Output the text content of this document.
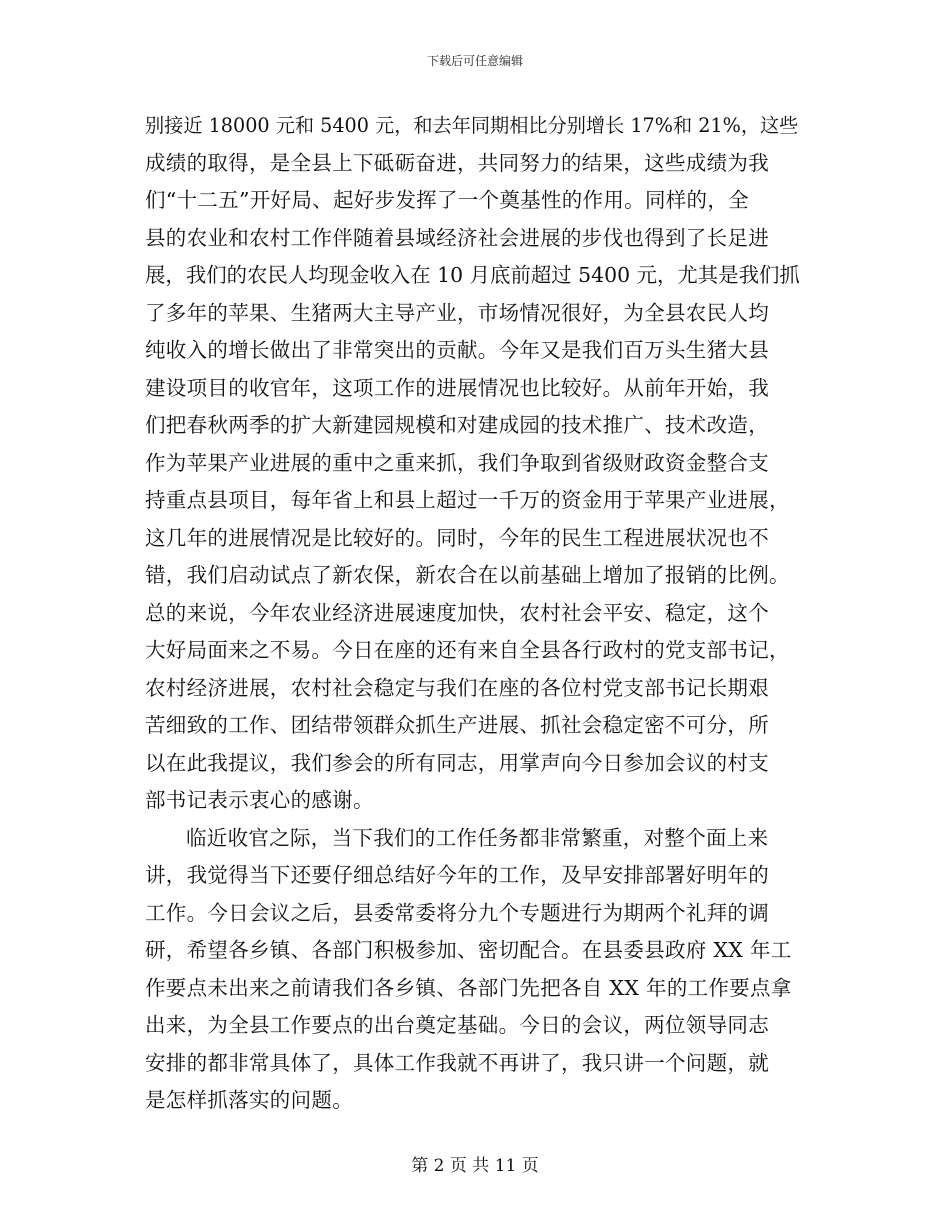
下载后可任意编辑
别接近 18000 元和 5400 元，和去年同期相比分别增长 17%和 21%，这些
成绩的取得，是全县上下砥砺奋进，共同努力的结果，这些成绩为我
们“十二五”开好局、起好步发挥了一个奠基性的作用。同样的，全
县的农业和农村工作伴随着县域经济社会进展的步伐也得到了长足进
展，我们的农民人均现金收入在 10 月底前超过 5400 元，尤其是我们抓
了多年的苹果、生猪两大主导产业，市场情况很好，为全县农民人均
纯收入的增长做出了非常突出的贡献。今年又是我们百万头生猪大县
建设项目的收官年，这项工作的进展情况也比较好。从前年开始，我
们把春秋两季的扩大新建园规模和对建成园的技术推广、技术改造，
作为苹果产业进展的重中之重来抓，我们争取到省级财政资金整合支
持重点县项目，每年省上和县上超过一千万的资金用于苹果产业进展，
这几年的进展情况是比较好的。同时，今年的民生工程进展状况也不
错，我们启动试点了新农保，新农合在以前基础上增加了报销的比例。
总的来说，今年农业经济进展速度加快，农村社会平安、稳定，这个
大好局面来之不易。今日在座的还有来自全县各行政村的党支部书记，
农村经济进展，农村社会稳定与我们在座的各位村党支部书记长期艰
苦细致的工作、团结带领群众抓生产进展、抓社会稳定密不可分，所
以在此我提议，我们参会的所有同志，用掌声向今日参加会议的村支
部书记表示衷心的感谢。
临近收官之际，当下我们的工作任务都非常繁重，对整个面上来
讲，我觉得当下还要仔细总结好今年的工作，及早安排部署好明年的
工作。今日会议之后，县委常委将分九个专题进行为期两个礼拜的调
研，希望各乡镇、各部门积极参加、密切配合。在县委县政府 XX 年工
作要点未出来之前请我们各乡镇、各部门先把各自 XX 年的工作要点拿
出来，为全县工作要点的出台奠定基础。今日的会议，两位领导同志
安排的都非常具体了，具体工作我就不再讲了，我只讲一个问题，就
是怎样抓落实的问题。
第 2 页 共 11 页
